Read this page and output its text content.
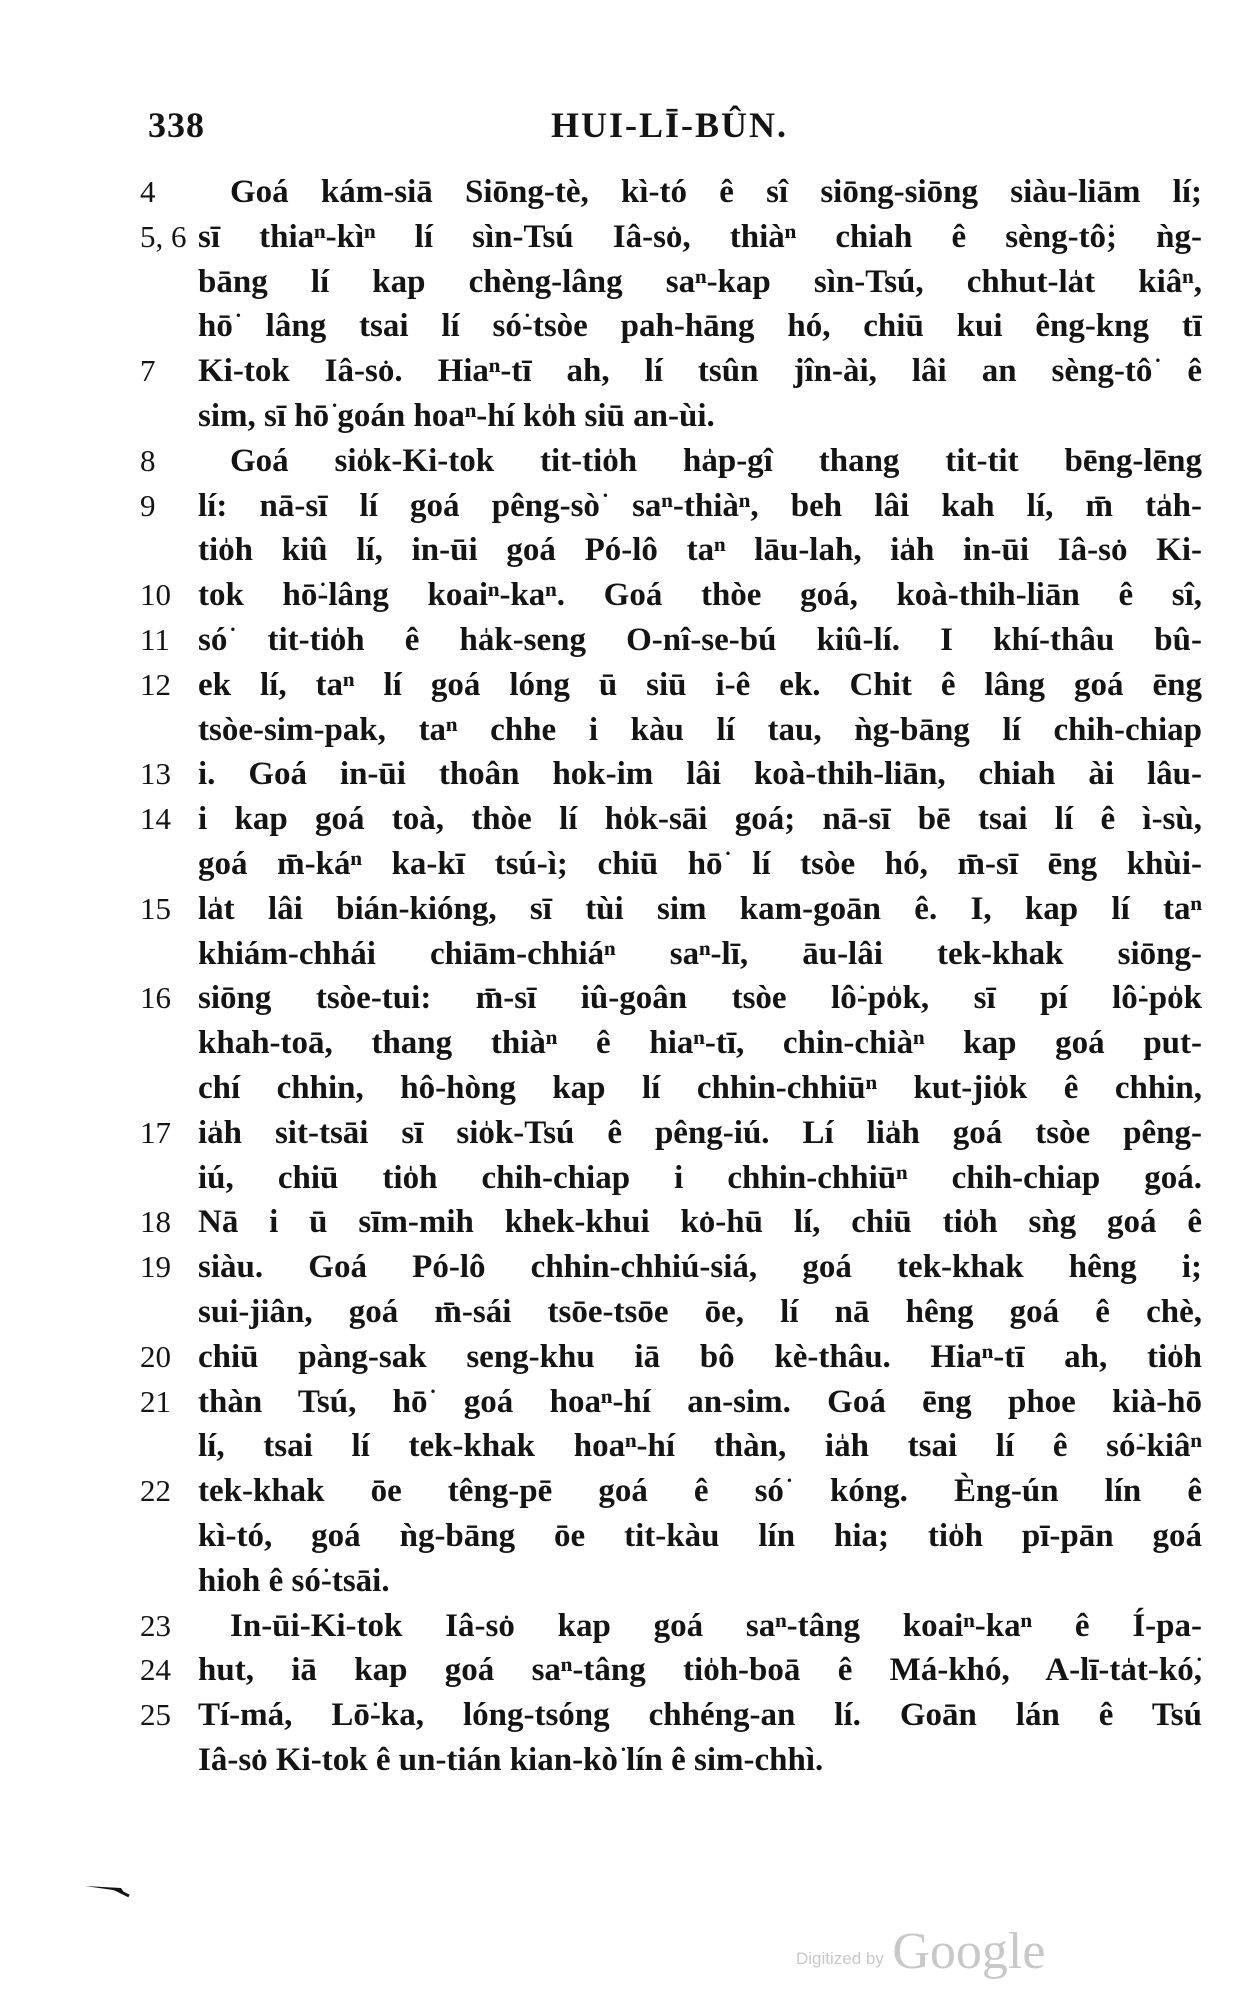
338	HUI-LĪ-BÛN.
4	Goá kám-siā Siōng-tè, kì-tó ê sî siōng-siōng siàu-liām lí;
5, 6 sī thiaⁿ-kìⁿ lí sìn-Tsú Iâ-so͘, thiàⁿ chiah ê sèng-tô͘; ǹg-
bāng lí kap chèng-lâng saⁿ-kap sìn-Tsú, chhut-la̍t kiâⁿ,
hō͘ lâng tsai lí só͘-tsòe pah-hāng hó, chiū kui êng-kng tī
7	Ki-tok Iâ-so͘. Hiaⁿ-tī ah, lí tsûn jîn-ài, lâi an sèng-tô͘ ê
sim, sī hō͘ goán hoaⁿ-hí ko̍h siū an-ùi.
8	Goá sio̍k-Ki-tok tit-tio̍h ha̍p-gî thang tit-tit bēng-lēng
9	lí: nā-sī lí goá pêng-sò͘ saⁿ-thiàⁿ, beh lâi kah lí, m̄ ta̍h-
tio̍h kiû lí, in-ūi goá Pó-lô taⁿ lāu-lah, ia̍h in-ūi Iâ-so͘ Ki-
10 tok hō͘-lâng koaiⁿ-kaⁿ. Goá thòe goá, koà-thih-liān ê sî,
11 só͘ tit-tio̍h ê ha̍k-seng O-nî-se-bú kiû-lí. I khí-thâu bû-
12 ek lí, taⁿ lí goá lóng ū siū i-ê ek. Chit ê lâng goá ēng
tsòe-sim-pak, taⁿ chhe i kàu lí tau, ǹg-bāng lí chih-chiap
13 i. Goá in-ūi thoân hok-im lâi koà-thih-liān, chiah ài lâu-
14 i kap goá toà, thòe lí ho̍k-sāi goá; nā-sī bē tsai lí ê ì-sù,
goá m̄-káⁿ ka-kī tsú-ì; chiū hō͘ lí tsòe hó, m̄-sī ēng khùi-
15 la̍t lâi bián-kióng, sī tùi sim kam-goān ê. I, kap lí taⁿ
khiám-chhái chiām-chhiáⁿ saⁿ-lī, āu-lâi tek-khak siōng-
16 siōng tsòe-tui: m̄-sī iû-goân tsòe lô͘-po̍k, sī pí lô͘-po̍k
khah-toā, thang thiàⁿ ê hiaⁿ-tī, chin-chiàⁿ kap goá put-
chí chhin, hô-hòng kap lí chhin-chhiūⁿ kut-jio̍k ê chhin,
17 ia̍h sit-tsāi sī sio̍k-Tsú ê pêng-iú. Lí lia̍h goá tsòe pêng-
iú, chiū tio̍h chih-chiap i chhin-chhiūⁿ chih-chiap goá.
18 Nā i ū sīm-mih khek-khui ko͘-hū lí, chiū tio̍h sǹg goá ê
19 siàu. Goá Pó-lô chhin-chhiú-siá, goá tek-khak hêng i;
sui-jiân, goá m̄-sái tsōe-tsōe ōe, lí nā hêng goá ê chè,
20 chiū pàng-sak seng-khu iā bô kè-thâu. Hiaⁿ-tī ah, tio̍h
21 thàn Tsú, hō͘ goá hoaⁿ-hí an-sim. Goá ēng phoe kià-hō͘
lí, tsai lí tek-khak hoaⁿ-hí thàn, ia̍h tsai lí ê só͘-kiâⁿ
22 tek-khak ōe têng-pē goá ê só͘ kóng. Èng-ún lín ê
kì-tó, goá ǹg-bāng ōe tit-kàu lín hia; tio̍h pī-pān goá
hioh ê só͘-tsāi.
23	In-ūi-Ki-tok Iâ-so͘ kap goá saⁿ-tâng koaiⁿ-kaⁿ ê Í-pa-
24 hut, iā kap goá saⁿ-tâng tio̍h-boā ê Má-khó, A-lī-ta̍t-kó͘,
25 Tí-má, Lō͘-ka, lóng-tsóng chhéng-an lí. Goān lán ê Tsú
Iâ-so͘ Ki-tok ê un-tián kian-kò͘ lín ê sim-chhì.
Digitized by Google
